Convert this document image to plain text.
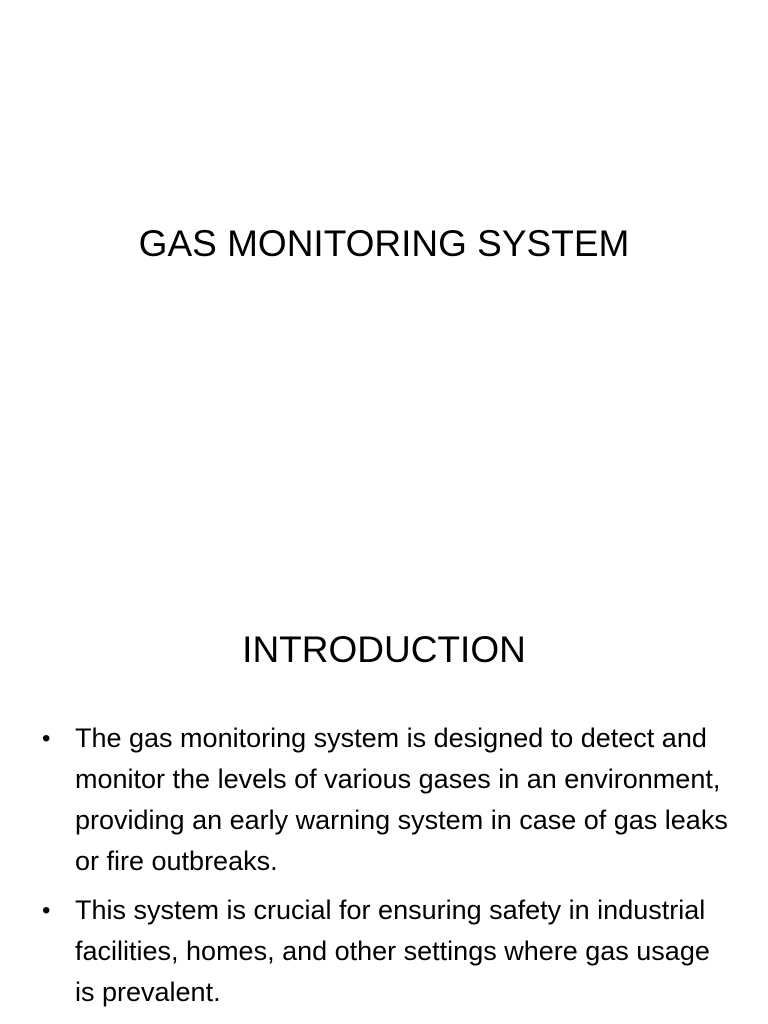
GAS MONITORING SYSTEM
INTRODUCTION
• The gas monitoring system is designed to detect and monitor the levels of various gases in an environment, providing an early warning system in case of gas leaks or fire outbreaks.
• This system is crucial for ensuring safety in industrial facilities, homes, and other settings where gas usage is prevalent.
